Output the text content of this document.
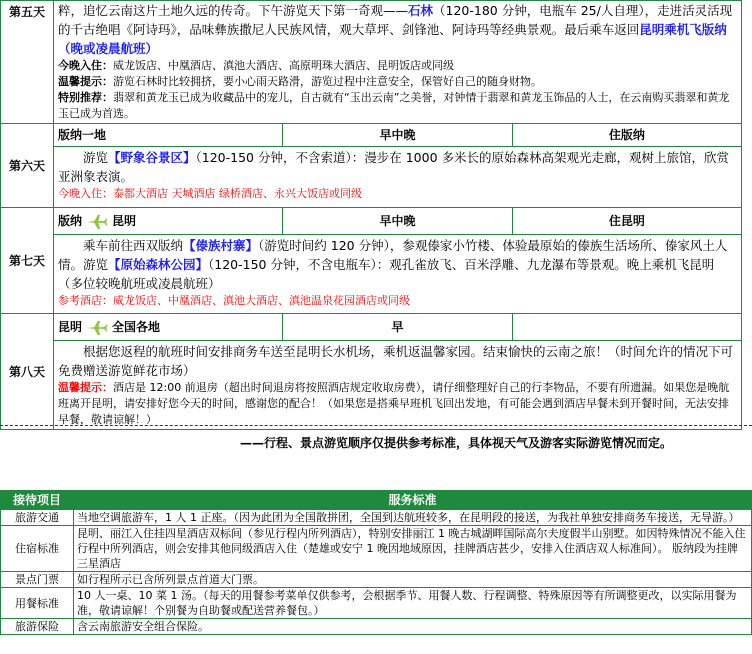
第五天	粹，追忆云南这片土地久远的传奇。下午游览天下第一奇观——石林（120-180 分钟，电瓶车 25/人自理），走进活灵活现的千古绝唱《阿诗玛》，品味彝族撒尼人民族风情，观大草坪、剑锋池、阿诗玛等经典景观。最后乘车返回昆明乘机飞版纳（晚或凌晨航班）
今晚入住：威龙饭店、中凰酒店、滇池大酒店、高原明珠大酒店、昆明饭店或同级
温馨提示：游览石林时比较拥挤，要小心雨天路滑，游览过程中注意安全，保管好自己的随身财物。
特别推荐：翡翠和黄龙玉已成为收藏品中的宠儿，自古就有“玉出云南”之美誉，对钟情于翡翠和黄龙玉饰品的人士，在云南购买翡翠和黄龙玉已成为首选。		

第六天	版纳一地	早中晚	住版纳

	游览【野象谷景区】（120-150 分钟，不含索道）：漫步在 1000 多米长的原始森林高架观光走廊，观树上旅馆，欣赏亚洲象表演。

今晚入住：泰都大酒店 天城酒店 绿桥酒店、永兴大饭店或同级		

第七天	版纳 昆明	早中晚	住昆明

	乘车前往西双版纳【傣族村寨】（游览时间约 120 分钟），参观傣家小竹楼、体验最原始的傣族生活场所、傣家风土人情。游览【原始森林公园】（120-150 分钟，不含电瓶车）：观孔雀放飞、百米浮雕、九龙瀑布等景观。晚上乘机飞昆明（多位较晚航班或凌晨航班）

参考酒店：威龙饭店、中凰酒店、滇池大酒店、滇池温泉花园酒店或同级		

第八天	昆明 全国各地	早	

	根据您返程的航班时间安排商务车送至昆明长水机场，乘机返温馨家园。结束愉快的云南之旅！（时间允许的情况下可免费赠送游览鲜花市场）

温馨提示：酒店是 12:00 前退房（超出时间退房将按照酒店规定收取房费），请仔细整理好自己的行李物品，不要有所遗漏。如果您是晚航班离开昆明，请安排好您今天的时间，感谢您的配合！（如果您是搭乘早班机飞回出发地，有可能会遇到酒店早餐未到开餐时间，无法安排早餐，敬请谅解！）		
——行程、景点游览顺序仅提供参考标准，具体视天气及游客实际游览情况而定。
接待项目	服务标准
旅游交通	当地空调旅游车，1 人 1 正座。（因为此团为全国散拼团，全国到达航班较多，在昆明段的接送，为我社单独安排商务车接送，无导游。）
住宿标准	昆明、丽江入住挂四星酒店双标间（参见行程内所列酒店），特别安排丽江 1 晚古城湖畔国际高尔夫度假半山别墅。如因特殊情况不能入住行程中所列酒店，则会安排其他同级酒店入住（楚雄或安宁 1 晚因地域原因，挂牌酒店甚少，安排入住酒店双人标准间）。 版纳段为挂牌三星酒店
景点门票	如行程所示已含所列景点首道大门票。
用餐标准	10 人一桌、10 菜 1 汤。（每天的用餐参考菜单仅供参考，会根据季节、用餐人数、行程调整、特殊原因等有所调整更改，以实际用餐为准，敬请谅解！个别餐为自助餐或配送营养餐包。）
旅游保险	含云南旅游安全组合保险。
